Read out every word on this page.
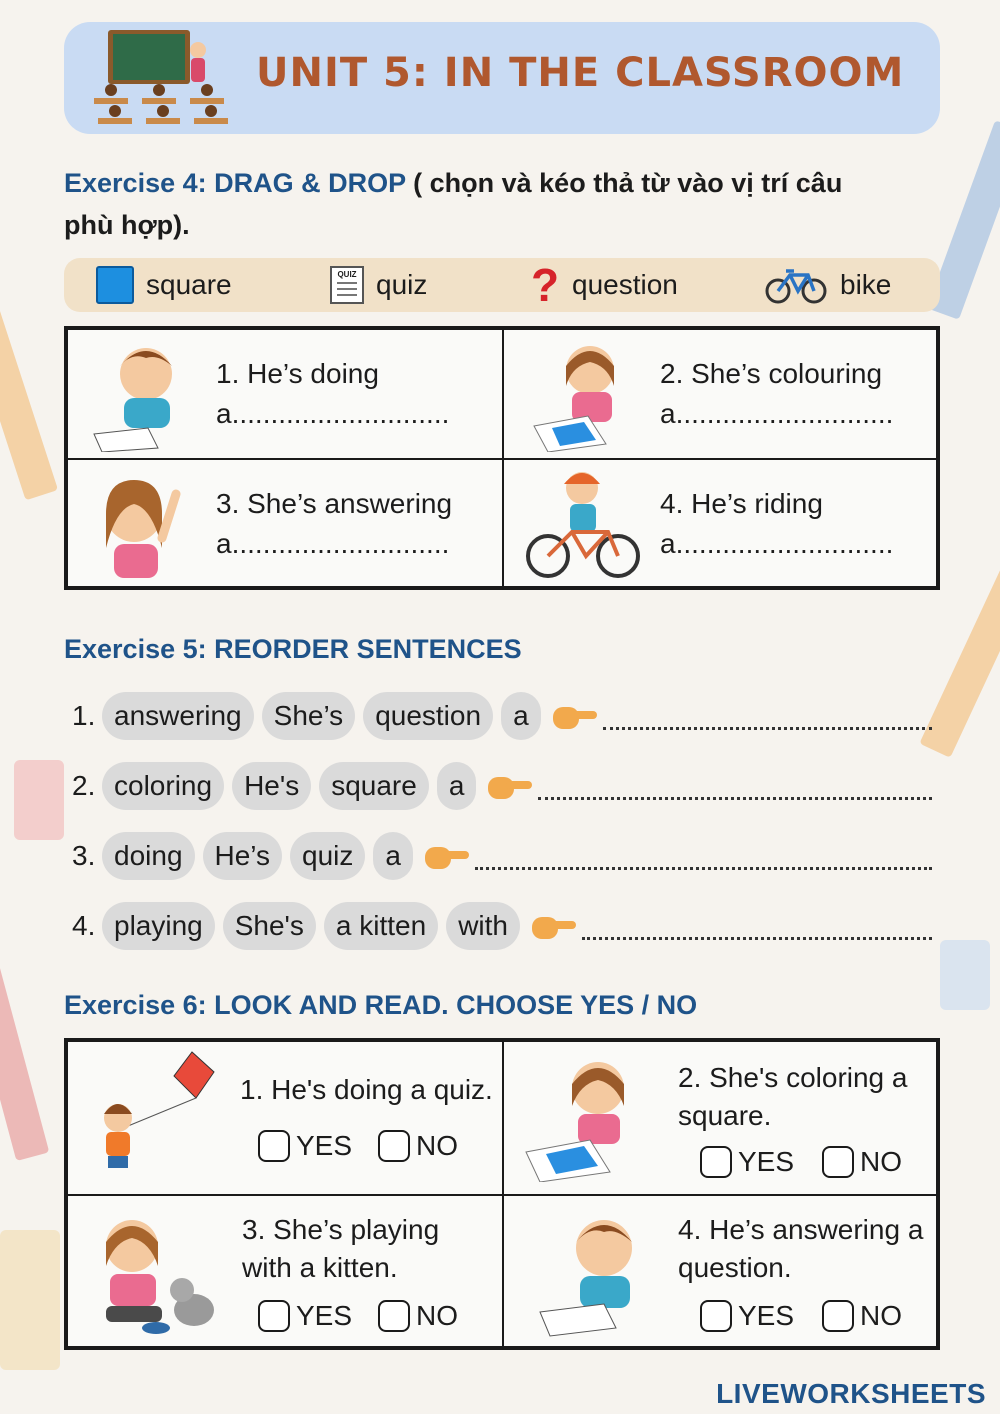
UNIT 5: IN THE CLASSROOM
Exercise 4: DRAG & DROP ( chọn và kéo thả từ vào vị trí câu
phù hợp).
square	QUIZ quiz ? question	bike
1. He’s doing
a............................
2. She’s colouring
a............................
3. She’s answering
a............................
4. He’s riding
a............................
Exercise 5: REORDER SENTENCES
1. answering	She’s	question	a
2. coloring	He's	square	a
3. doing	He’s	quiz	a
4. playing	She's	a kitten	with
Exercise 6: LOOK AND READ. CHOOSE YES / NO
1. He's doing a quiz.
YES NO
2. She's coloring a
square.
YES NO
3. She’s playing
with a kitten.
YES NO
4. He’s answering a
question.
YES NO
LIVEWORKSHEETS
